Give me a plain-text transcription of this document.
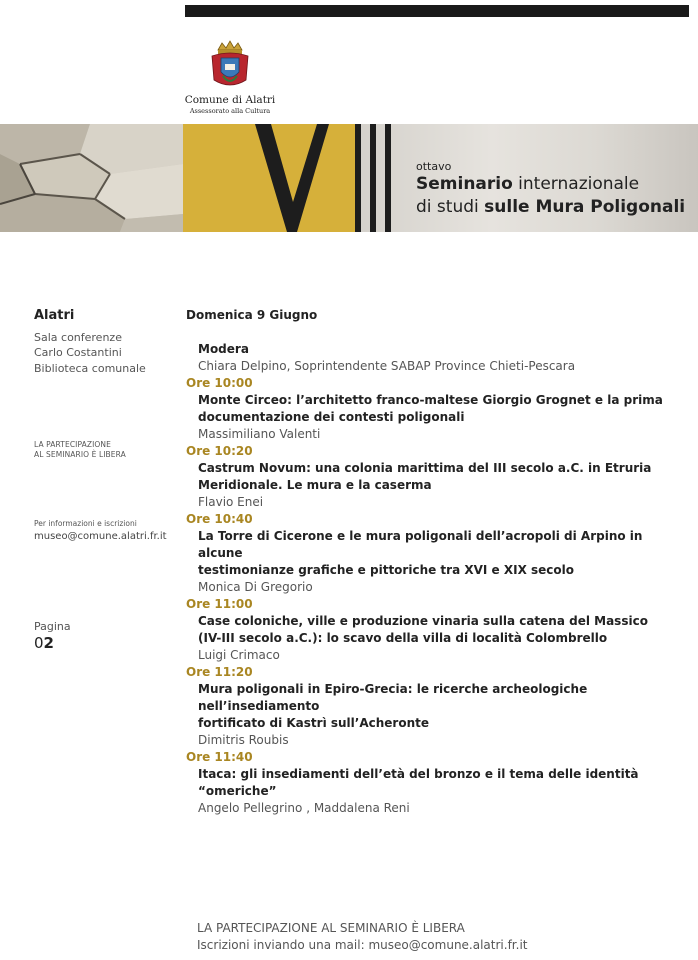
Comune di Alatri
Assessorato alla Cultura
ottavo
Seminario internazionale
di studi sulle Mura Poligonali
Alatri
Sala conferenze
Carlo Costantini
Biblioteca comunale
LA PARTECIPAZIONE
AL SEMINARIO È LIBERA
Per informazioni e iscrizioni
museo@comune.alatri.fr.it
Pagina
02
Domenica 9 Giugno
Modera
Chiara Delpino, Soprintendente SABAP Province Chieti-Pescara
Ore 10:00
Monte Circeo: l’architetto franco-maltese Giorgio Grognet e la prima
documentazione dei contesti poligonali
Massimiliano Valenti
Ore 10:20
Castrum Novum: una colonia marittima del III secolo a.C. in Etruria
Meridionale. Le mura e la caserma
Flavio Enei
Ore 10:40
La Torre di Cicerone e le mura poligonali dell’acropoli di Arpino in alcune
testimonianze grafiche e pittoriche tra XVI e XIX secolo
Monica Di Gregorio
Ore 11:00
Case coloniche, ville e produzione vinaria sulla catena del Massico
(IV-III secolo a.C.): lo scavo della villa di località Colombrello
Luigi Crimaco
Ore 11:20
Mura poligonali in Epiro-Grecia: le ricerche archeologiche nell’insediamento
fortificato di Kastrì sull’Acheronte
Dimitris Roubis
Ore 11:40
Itaca: gli insediamenti dell’età del bronzo e il tema delle identità “omeriche”
Angelo Pellegrino , Maddalena Reni
LA PARTECIPAZIONE AL SEMINARIO È LIBERA
Iscrizioni inviando una mail: museo@comune.alatri.fr.it
